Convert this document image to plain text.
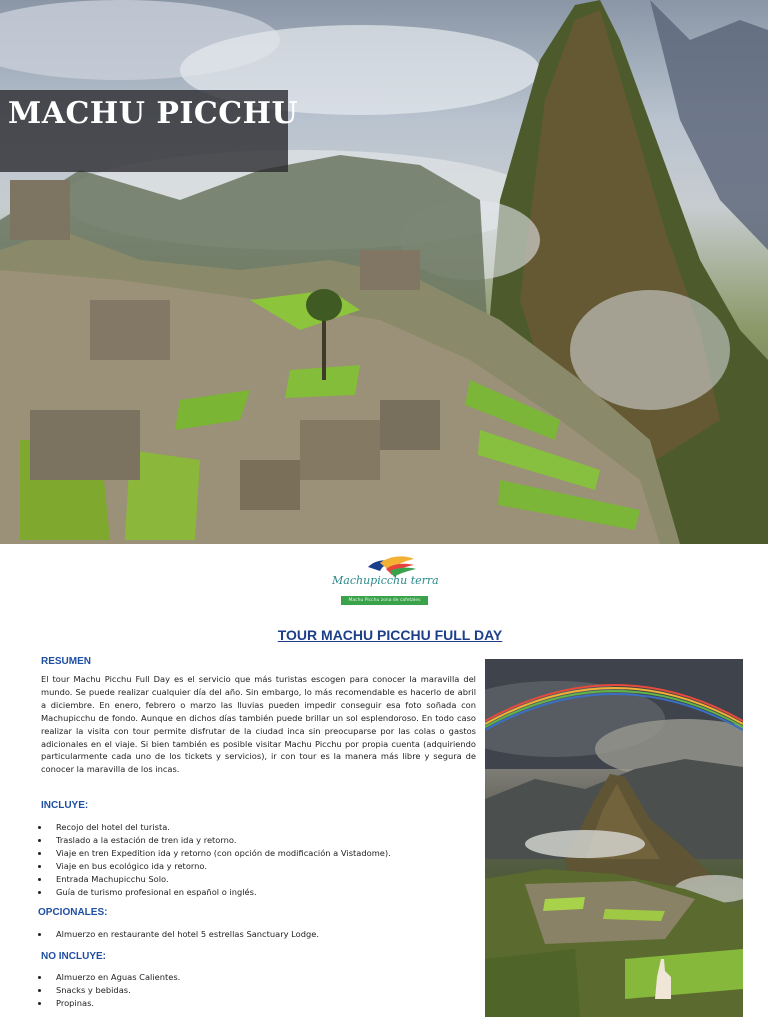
MACHU PICCHU
Machupicchu terra
Machu Picchu zona de cafetales
TOUR MACHU PICCHU FULL DAY
RESUMEN

El tour Machu Picchu Full Day es el servicio que más turistas escogen para conocer la maravilla del mundo. Se puede realizar cualquier día del año. Sin embargo, lo más recomendable es hacerlo de abril a diciembre. En enero, febrero o marzo las lluvias pueden impedir conseguir esa foto soñada con Machupicchu de fondo. Aunque en dichos días también puede brillar un sol esplendoroso. En todo caso realizar la visita con tour permite disfrutar de la ciudad inca sin preocuparse por las colas o gastos adicionales en el viaje. Si bien también es posible visitar Machu Picchu por propia cuenta (adquiriendo particularmente cada uno de los tickets y servicios), ir con tour es la manera más libre y segura de conocer la maravilla de los incas.

INCLUYE:
Recojo del hotel del turista.
Traslado a la estación de tren ida y retorno.
Viaje en tren Expedition ida y retorno (con opción de modificación a Vistadome).
Viaje en bus ecológico ida y retorno.
Entrada Machupicchu Solo.
Guía de turismo profesional en español o inglés.
OPCIONALES:
Almuerzo en restaurante del hotel 5 estrellas Sanctuary Lodge.
NO INCLUYE:
Almuerzo en Aguas Calientes.
Snacks y bebidas.
Propinas.
